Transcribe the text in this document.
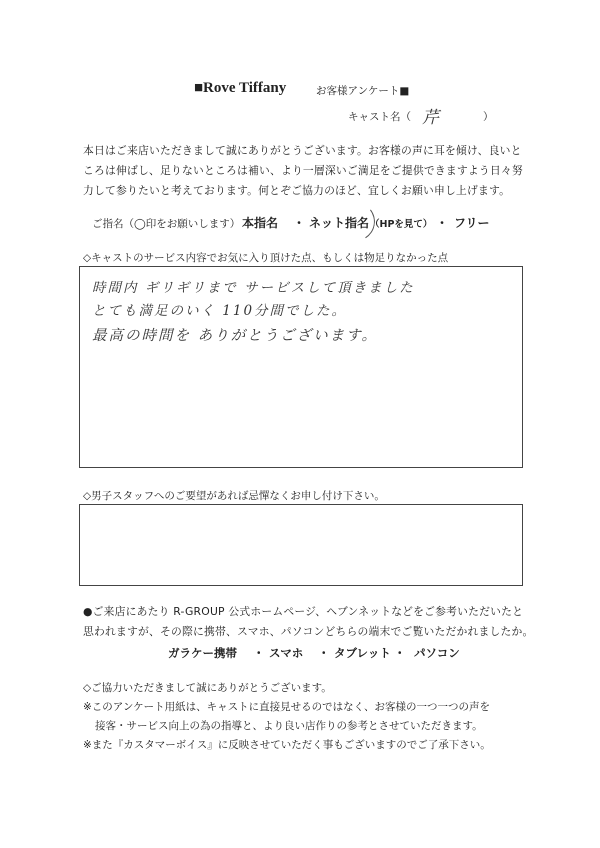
■Rove Tiffany	お客様アンケート■
キャスト名（ 芹	）
本日はご来店いただきまして誠にありがとうございます。お客様の声に耳を傾け、良いと
ころは伸ばし、足りないところは補い、より一層深いご満足をご提供できますよう日々努
力して参りたいと考えております。何とぞご協力のほど、宜しくお願い申し上げます。
ご指名（◯印をお願いします） 本指名 ・ ネット指名 （HPを見て） ・ フリー
◇キャストのサービス内容でお気に入り頂けた点、もしくは物足りなかった点
時間内 ギリギリまで サービスして頂きました
とても満足のいく 110分間でした。
最高の時間を ありがとうございます。
◇男子スタッフへのご要望があれば忌憚なくお申し付け下さい。
●ご来店にあたり R-GROUP 公式ホームページ、ヘブンネットなどをご参考いただいたと
思われますが、その際に携帯、スマホ、パソコンどちらの端末でご覧いただかれましたか。
ガラケー携帯 ・ スマホ ・ タブレット ・ パソコン
◇ご協力いただきまして誠にありがとうございます。
※このアンケート用紙は、キャストに直接見せるのではなく、お客様の一つ一つの声を
接客・サービス向上の為の指導と、より良い店作りの参考とさせていただきます。
※また『カスタマーボイス』に反映させていただく事もございますのでご了承下さい。
